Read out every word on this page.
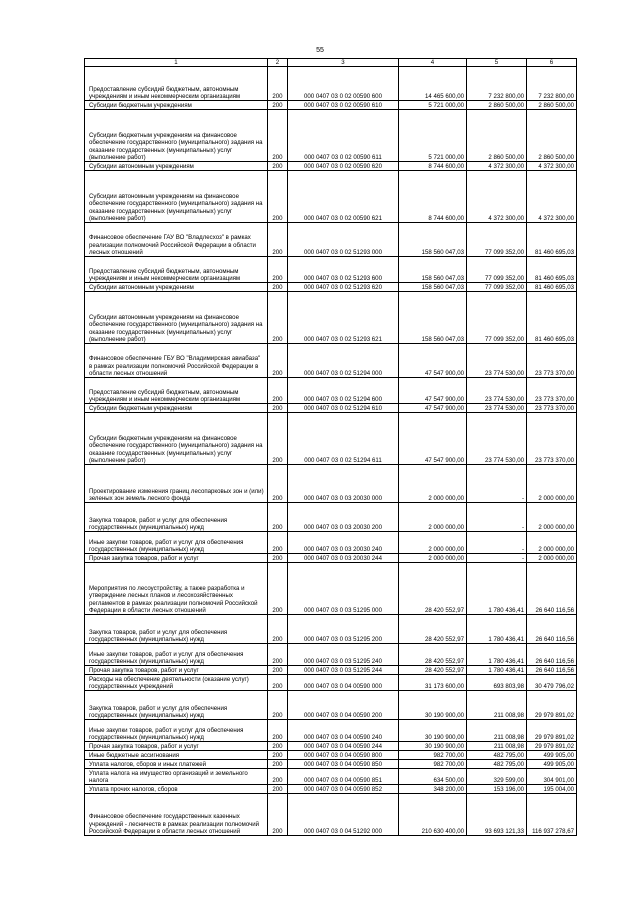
55
1	2	3	4	5	6
Предоставление субсидий бюджетным, автономным учреждениям и иным некоммерческим организациям	200	000 0407 03 0 02 00590 600	14 465 600,00	7 232 800,00	7 232 800,00
Субсидии бюджетным учреждениям	200	000 0407 03 0 02 00590 610	5 721 000,00	2 860 500,00	2 860 500,00
Субсидии бюджетным учреждениям на финансовое обеспечение государственного (муниципального) задания на оказание государственных (муниципальных) услуг (выполнение работ)	200	000 0407 03 0 02 00590 611	5 721 000,00	2 860 500,00	2 860 500,00
Субсидии автономным учреждениям	200	000 0407 03 0 02 00590 620	8 744 600,00	4 372 300,00	4 372 300,00
Субсидии автономным учреждениям на финансовое обеспечение государственного (муниципального) задания на оказание государственных (муниципальных) услуг (выполнение работ)	200	000 0407 03 0 02 00590 621	8 744 600,00	4 372 300,00	4 372 300,00
Финансовое обеспечение ГАУ ВО "Владлесхоз" в рамках реализации полномочий Российской Федерации в области лесных отношений	200	000 0407 03 0 02 51293 000	158 560 047,03	77 099 352,00	81 460 695,03
Предоставление субсидий бюджетным, автономным учреждениям и иным некоммерческим организациям	200	000 0407 03 0 02 51293 600	158 560 047,03	77 099 352,00	81 460 695,03
Субсидии автономным учреждениям	200	000 0407 03 0 02 51293 620	158 560 047,03	77 099 352,00	81 460 695,03
Субсидии автономным учреждениям на финансовое обеспечение государственного (муниципального) задания на оказание государственных (муниципальных) услуг (выполнение работ)	200	000 0407 03 0 02 51293 621	158 560 047,03	77 099 352,00	81 460 695,03
Финансовое обеспечение ГБУ ВО "Владимирская авиабаза" в рамках реализации полномочий Российской Федерации в области лесных отношений	200	000 0407 03 0 02 51294 000	47 547 900,00	23 774 530,00	23 773 370,00
Предоставление субсидий бюджетным, автономным учреждениям и иным некоммерческим организациям	200	000 0407 03 0 02 51294 600	47 547 900,00	23 774 530,00	23 773 370,00
Субсидии бюджетным учреждениям	200	000 0407 03 0 02 51294 610	47 547 900,00	23 774 530,00	23 773 370,00
Субсидии бюджетным учреждениям на финансовое обеспечение государственного (муниципального) задания на оказание государственных (муниципальных) услуг (выполнение работ)	200	000 0407 03 0 02 51294 611	47 547 900,00	23 774 530,00	23 773 370,00
Проектирование изменения границ лесопарковых зон и (или) зеленых зон земель лесного фонда	200	000 0407 03 0 03 20030 000	2 000 000,00	-	2 000 000,00
Закупка товаров, работ и услуг для обеспечения государственных (муниципальных) нужд	200	000 0407 03 0 03 20030 200	2 000 000,00	-	2 000 000,00
Иные закупки товаров, работ и услуг для обеспечения государственных (муниципальных) нужд	200	000 0407 03 0 03 20030 240	2 000 000,00	-	2 000 000,00
Прочая закупка товаров, работ и услуг	200	000 0407 03 0 03 20030 244	2 000 000,00	-	2 000 000,00
Мероприятия по лесоустройству, а также разработка и утверждение лесных планов и лесохозяйственных регламентов в рамках реализации полномочий Российской Федерации в области лесных отношений	200	000 0407 03 0 03 51295 000	28 420 552,97	1 780 436,41	26 640 116,56
Закупка товаров, работ и услуг для обеспечения государственных (муниципальных) нужд	200	000 0407 03 0 03 51295 200	28 420 552,97	1 780 436,41	26 640 116,56
Иные закупки товаров, работ и услуг для обеспечения государственных (муниципальных) нужд	200	000 0407 03 0 03 51295 240	28 420 552,97	1 780 436,41	26 640 116,56
Прочая закупка товаров, работ и услуг	200	000 0407 03 0 03 51295 244	28 420 552,97	1 780 436,41	26 640 116,56
Расходы на обеспечение деятельности (оказание услуг) государственных учреждений	200	000 0407 03 0 04 00590 000	31 173 600,00	693 803,98	30 479 796,02
Закупка товаров, работ и услуг для обеспечения государственных (муниципальных) нужд	200	000 0407 03 0 04 00590 200	30 190 900,00	211 008,98	29 979 891,02
Иные закупки товаров, работ и услуг для обеспечения государственных (муниципальных) нужд	200	000 0407 03 0 04 00590 240	30 190 900,00	211 008,98	29 979 891,02
Прочая закупка товаров, работ и услуг	200	000 0407 03 0 04 00590 244	30 190 900,00	211 008,98	29 979 891,02
Иные бюджетные ассигнования	200	000 0407 03 0 04 00590 800	982 700,00	482 795,00	499 905,00
Уплата налогов, сборов и иных платежей	200	000 0407 03 0 04 00590 850	982 700,00	482 795,00	499 905,00
Уплата налога на имущество организаций и земельного налога	200	000 0407 03 0 04 00590 851	634 500,00	329 599,00	304 901,00
Уплата прочих налогов, сборов	200	000 0407 03 0 04 00590 852	348 200,00	153 196,00	195 004,00
Финансовое обеспечение государственных казенных учреждений - лесничеств в рамках реализации полномочий Российской Федерации в области лесных отношений	200	000 0407 03 0 04 51292 000	210 630 400,00	93 693 121,33	116 937 278,67
